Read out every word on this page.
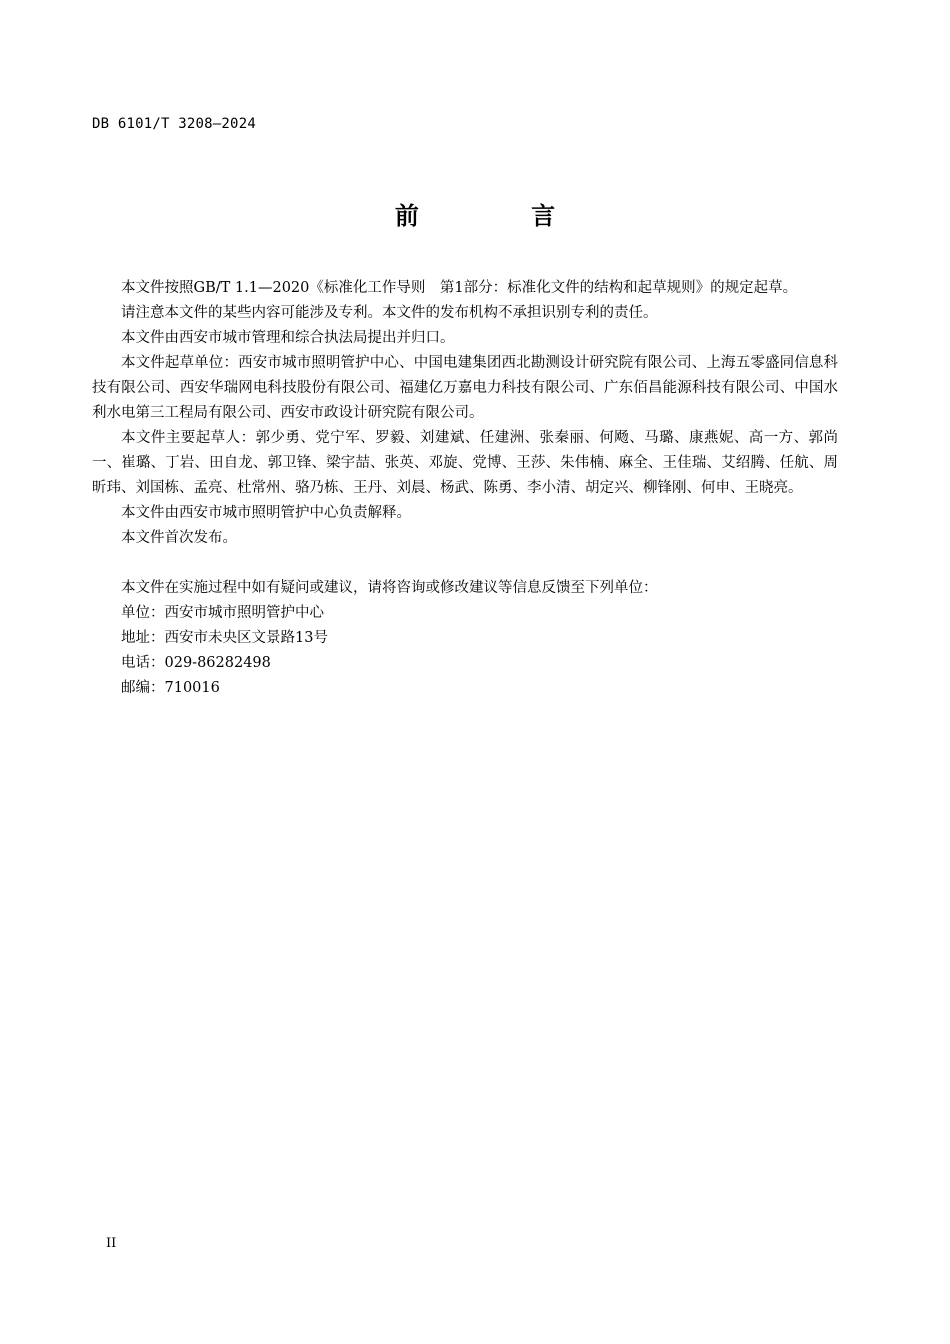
DB 6101/T 3208—2024
前 言

本文件按照GB/T 1.1—2020《标准化工作导则　第1部分：标准化文件的结构和起草规则》的规定起草。

请注意本文件的某些内容可能涉及专利。本文件的发布机构不承担识别专利的责任。

本文件由西安市城市管理和综合执法局提出并归口。

本文件起草单位：西安市城市照明管护中心、中国电建集团西北勘测设计研究院有限公司、上海五零盛同信息科技有限公司、西安华瑞网电科技股份有限公司、福建亿万嘉电力科技有限公司、广东佰昌能源科技有限公司、中国水利水电第三工程局有限公司、西安市政设计研究院有限公司。

本文件主要起草人：郭少勇、党宁军、罗毅、刘建斌、任建洲、张秦丽、何飏、马璐、康燕妮、高一方、郭尚一、崔璐、丁岩、田自龙、郭卫锋、梁宇喆、张英、邓旋、党博、王莎、朱伟楠、麻全、王佳瑞、艾绍腾、任航、周昕玮、刘国栋、孟亮、杜常州、骆乃栋、王丹、刘晨、杨武、陈勇、李小清、胡定兴、柳锋刚、何申、王晓亮。

本文件由西安市城市照明管护中心负责解释。

本文件首次发布。

本文件在实施过程中如有疑问或建议，请将咨询或修改建议等信息反馈至下列单位：

单位：西安市城市照明管护中心

地址：西安市未央区文景路13号

电话：029-86282498

邮编：710016

II
